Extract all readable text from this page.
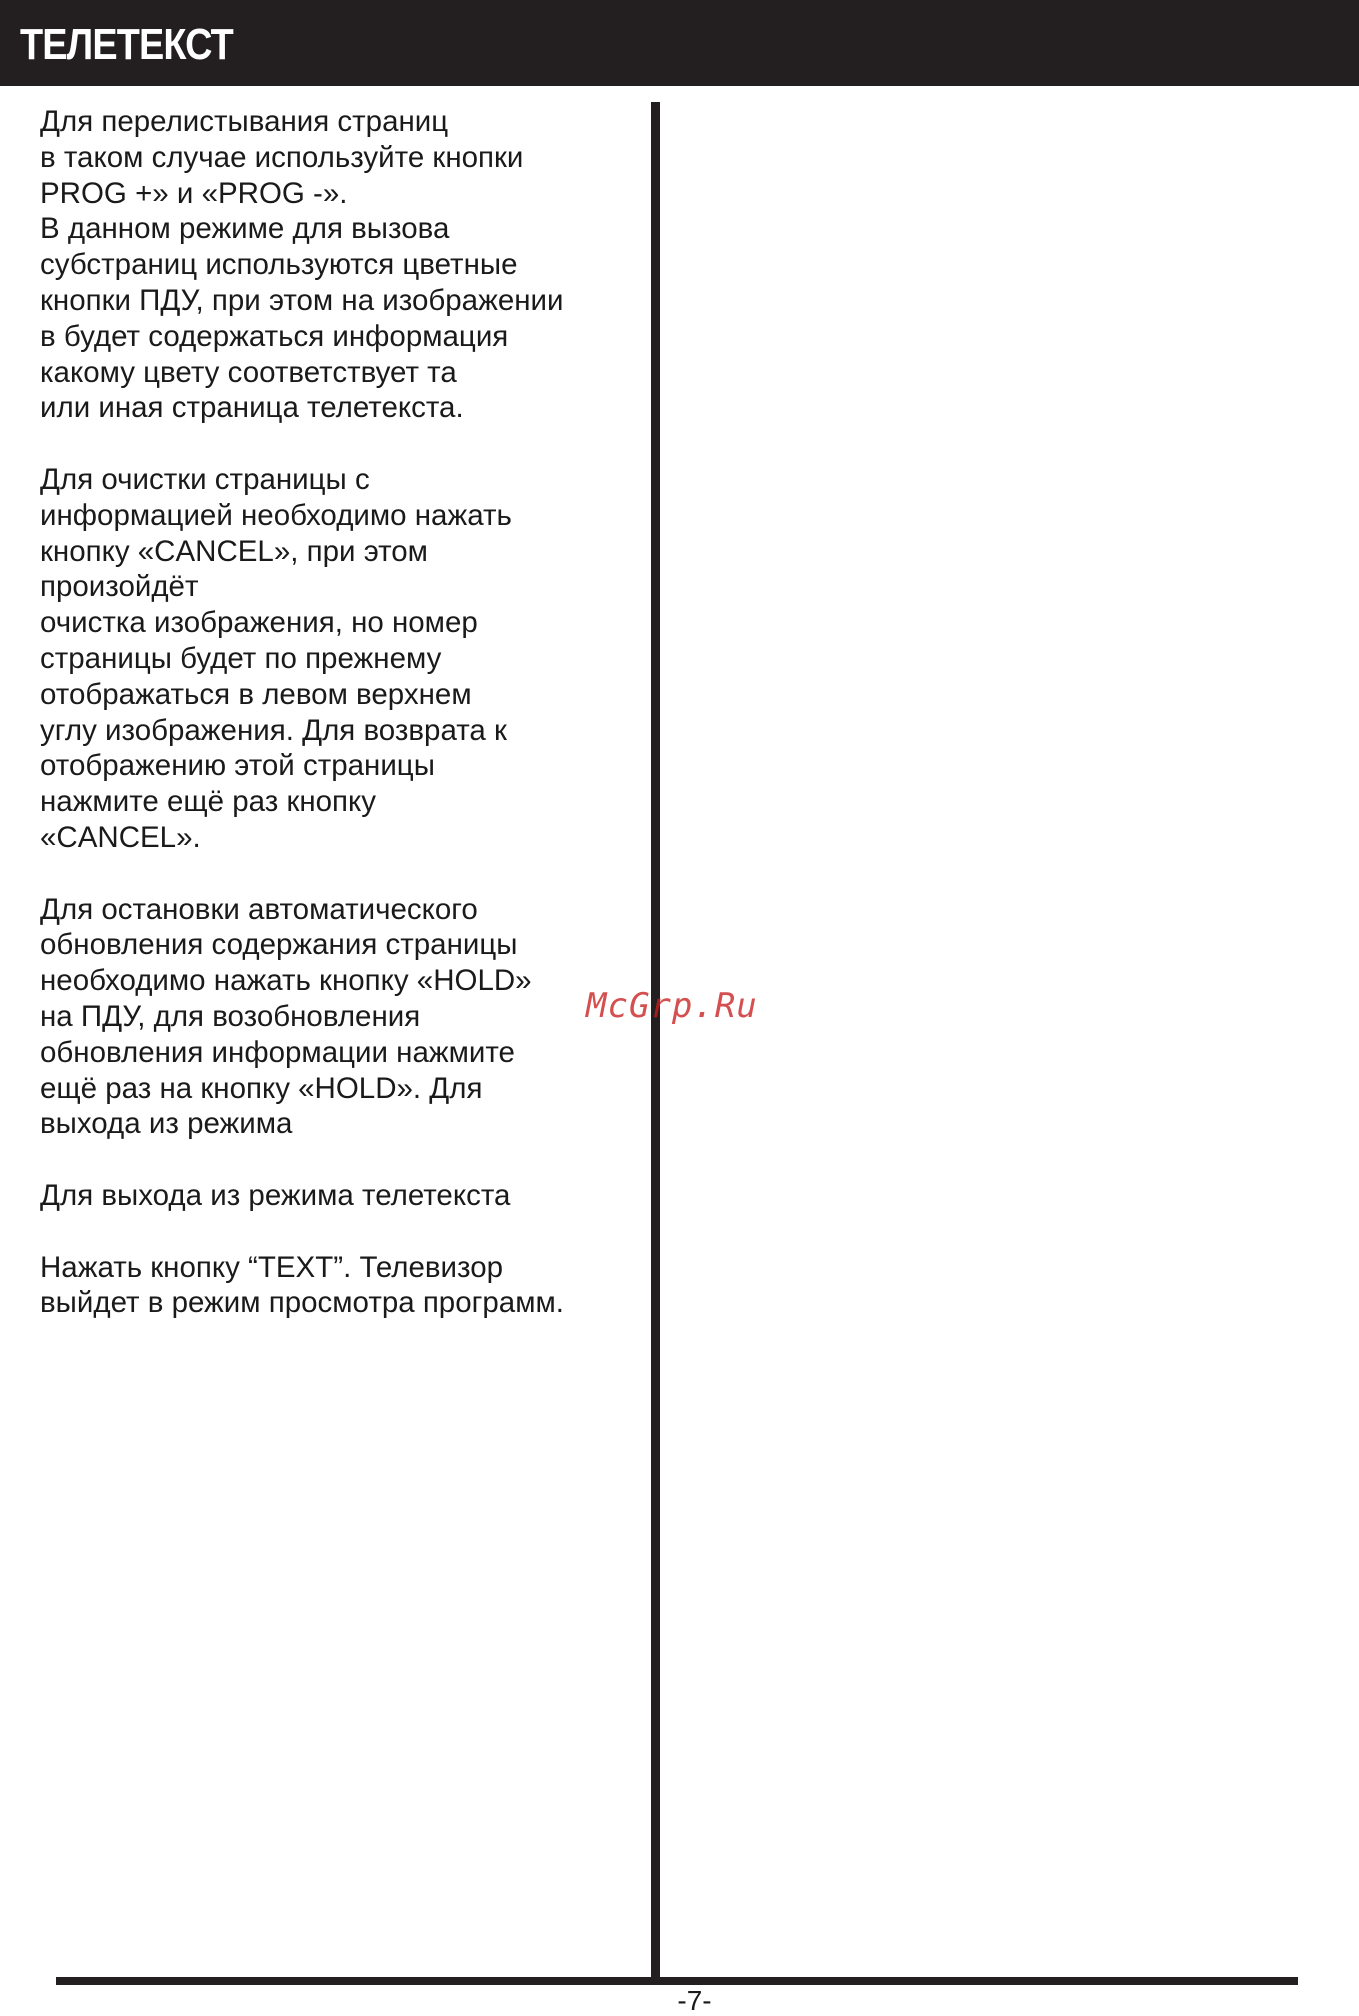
ТЕЛЕТЕКСТ

Для перелистывания страниц
в таком случае используйте кнопки
PROG +» и «PROG -».
В данном режиме для вызова
субстраниц используются цветные
кнопки ПДУ, при этом на изображении
в будет содержаться информация
какому цвету соответствует та
или иная страница телетекста.

Для очистки страницы с
информацией необходимо нажать
кнопку «CANCEL», при этом
произойдёт
очистка изображения, но номер
страницы будет по прежнему
отображаться в левом верхнем
углу изображения. Для возврата к
отображению этой страницы
нажмите ещё раз кнопку
«CANCEL».

Для остановки автоматического
обновления содержания страницы
необходимо нажать кнопку «HOLD»
на ПДУ, для возобновления
обновления информации нажмите
ещё раз на кнопку «HOLD». Для
выхода из режима

Для выхода из режима телетекста

Нажать кнопку “TEXT”. Телевизор
выйдет в режим просмотра программ.

McGrp.Ru
-7-
